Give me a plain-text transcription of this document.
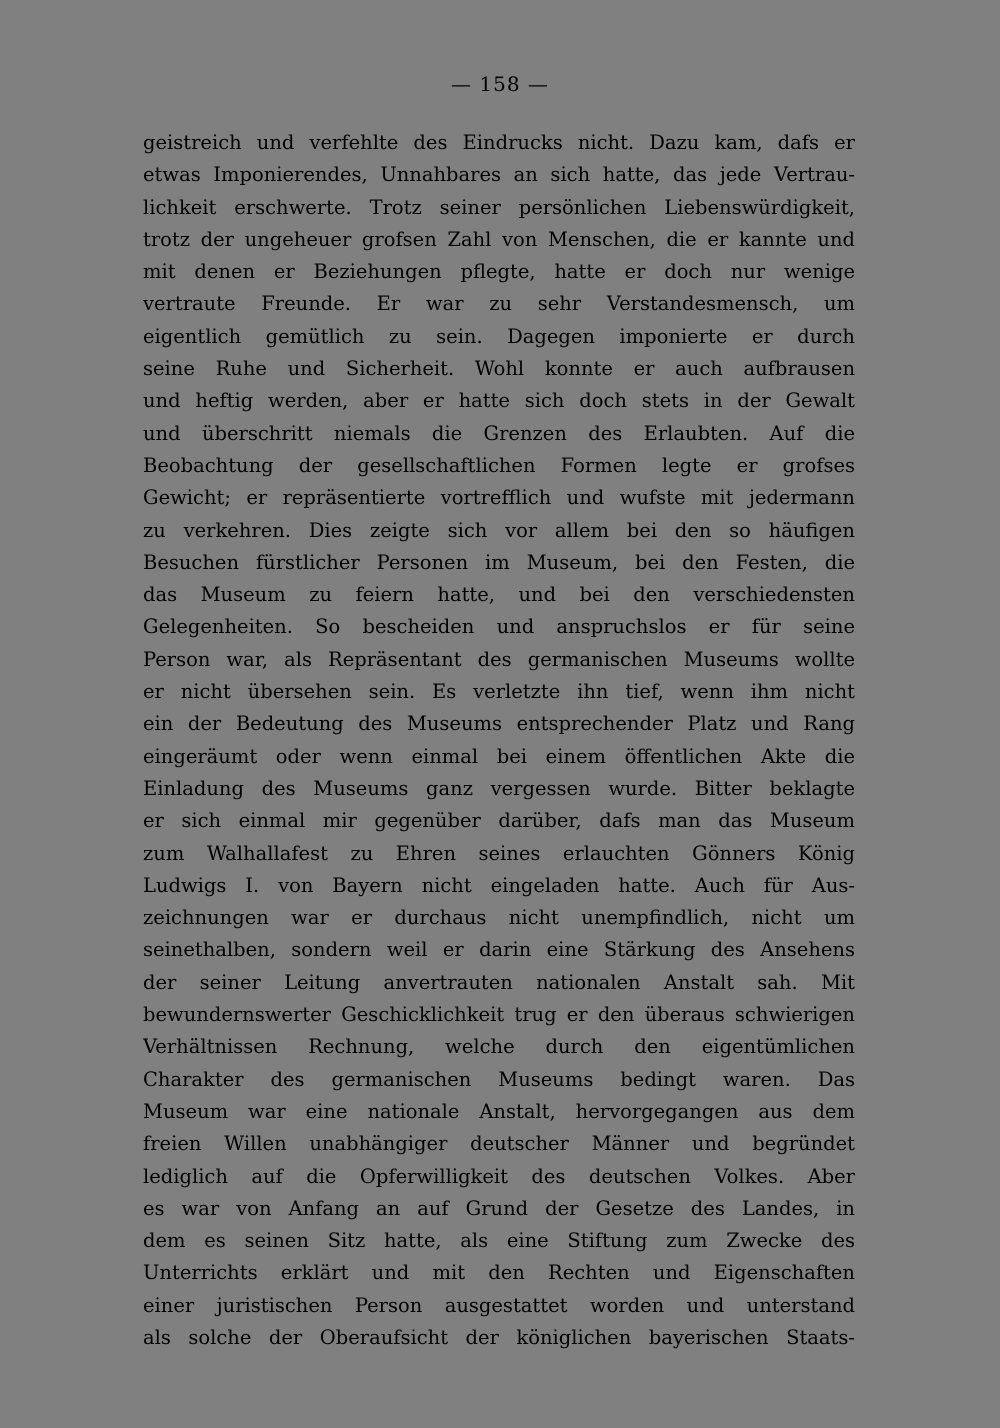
— 158 —
geistreich und verfehlte des Eindrucks nicht. Dazu kam, dafs er
etwas Imponierendes, Unnahbares an sich hatte, das jede Vertrau-
lichkeit erschwerte. Trotz seiner persönlichen Liebenswürdigkeit,
trotz der ungeheuer grofsen Zahl von Menschen, die er kannte und
mit denen er Beziehungen pflegte, hatte er doch nur wenige
vertraute Freunde. Er war zu sehr Verstandesmensch, um
eigentlich gemütlich zu sein. Dagegen imponierte er durch
seine Ruhe und Sicherheit. Wohl konnte er auch aufbrausen
und heftig werden, aber er hatte sich doch stets in der Gewalt
und überschritt niemals die Grenzen des Erlaubten. Auf die
Beobachtung der gesellschaftlichen Formen legte er grofses
Gewicht; er repräsentierte vortrefflich und wufste mit jedermann
zu verkehren. Dies zeigte sich vor allem bei den so häufigen
Besuchen fürstlicher Personen im Museum, bei den Festen, die
das Museum zu feiern hatte, und bei den verschiedensten
Gelegenheiten. So bescheiden und anspruchslos er für seine
Person war, als Repräsentant des germanischen Museums wollte
er nicht übersehen sein. Es verletzte ihn tief, wenn ihm nicht
ein der Bedeutung des Museums entsprechender Platz und Rang
eingeräumt oder wenn einmal bei einem öffentlichen Akte die
Einladung des Museums ganz vergessen wurde. Bitter beklagte
er sich einmal mir gegenüber darüber, dafs man das Museum
zum Walhallafest zu Ehren seines erlauchten Gönners König
Ludwigs I. von Bayern nicht eingeladen hatte. Auch für Aus-
zeichnungen war er durchaus nicht unempfindlich, nicht um
seinethalben, sondern weil er darin eine Stärkung des Ansehens
der seiner Leitung anvertrauten nationalen Anstalt sah. Mit
bewundernswerter Geschicklichkeit trug er den überaus schwierigen
Verhältnissen Rechnung, welche durch den eigentümlichen
Charakter des germanischen Museums bedingt waren. Das
Museum war eine nationale Anstalt, hervorgegangen aus dem
freien Willen unabhängiger deutscher Männer und begründet
lediglich auf die Opferwilligkeit des deutschen Volkes. Aber
es war von Anfang an auf Grund der Gesetze des Landes, in
dem es seinen Sitz hatte, als eine Stiftung zum Zwecke des
Unterrichts erklärt und mit den Rechten und Eigenschaften
einer juristischen Person ausgestattet worden und unterstand
als solche der Oberaufsicht der königlichen bayerischen Staats-
